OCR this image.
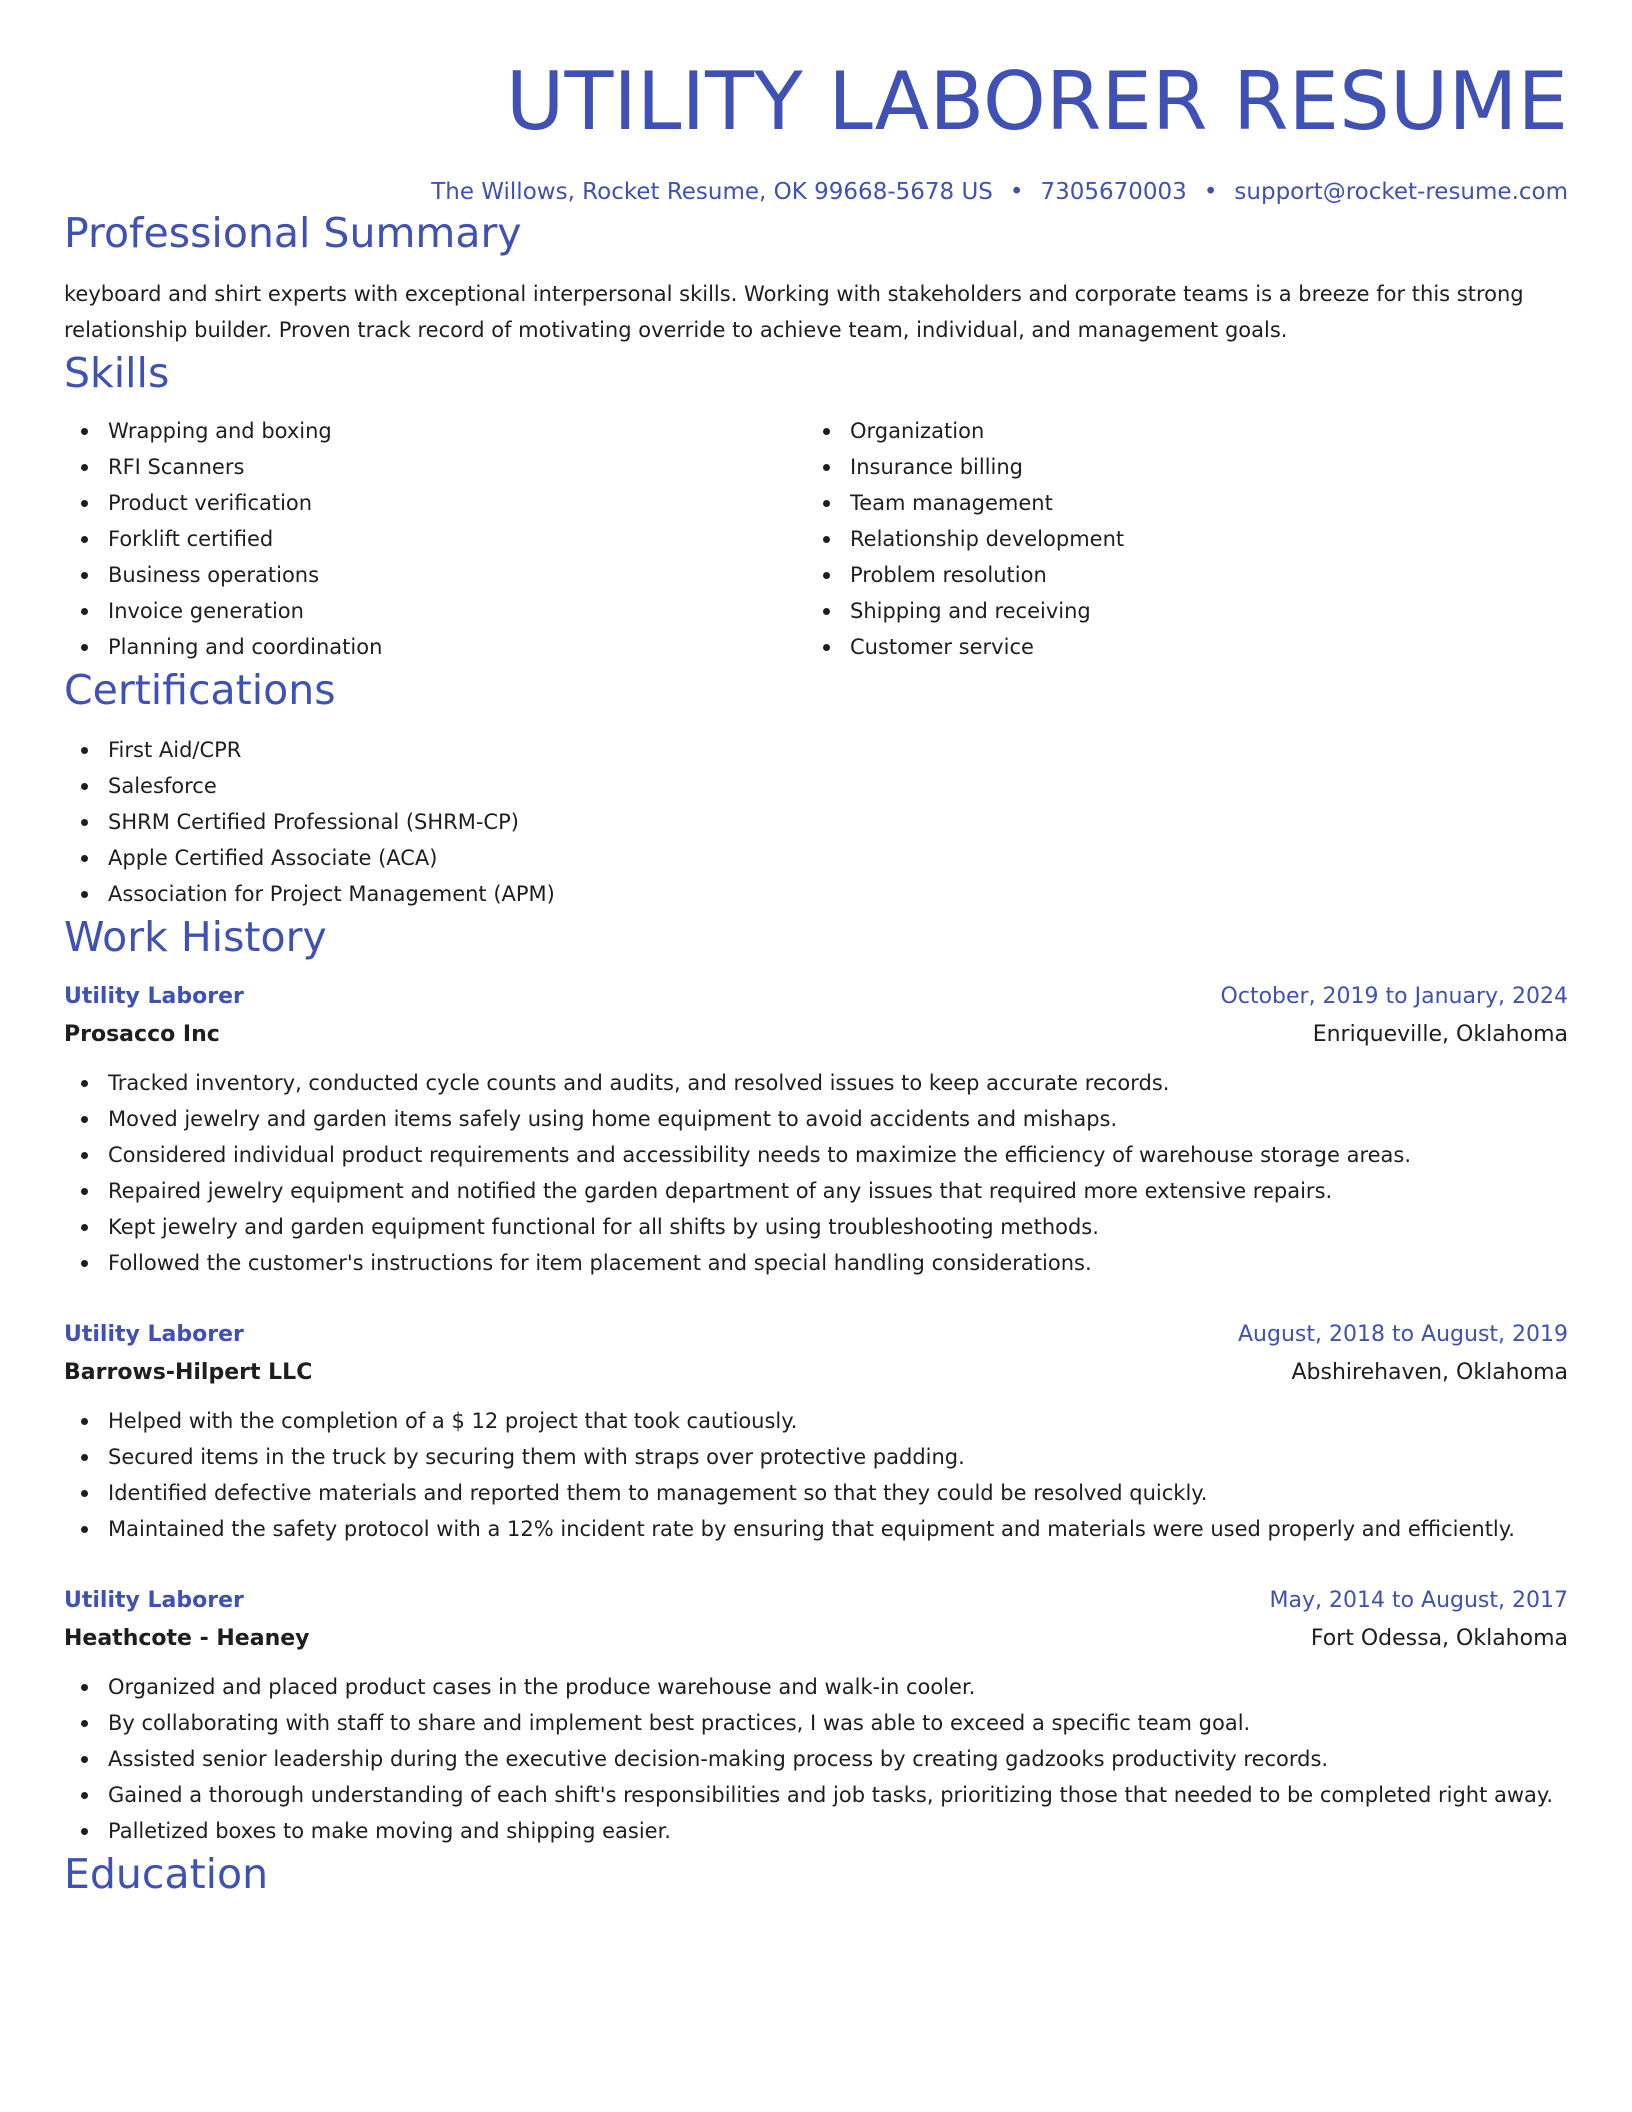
UTILITY LABORER RESUME
The Willows, Rocket Resume, OK 99668-5678 US • 7305670003 • support@rocket-resume.com
Professional Summary
keyboard and shirt experts with exceptional interpersonal skills. Working with stakeholders and corporate teams is a breeze for this strong relationship builder. Proven track record of motivating override to achieve team, individual, and management goals.
Skills
Wrapping and boxing
RFI Scanners
Product verification
Forklift certified
Business operations
Invoice generation
Planning and coordination
Organization
Insurance billing
Team management
Relationship development
Problem resolution
Shipping and receiving
Customer service
Certifications
First Aid/CPR
Salesforce
SHRM Certified Professional (SHRM-CP)
Apple Certified Associate (ACA)
Association for Project Management (APM)
Work History
Utility Laborer	October, 2019 to January, 2024
Prosacco Inc	Enriqueville, Oklahoma
Tracked inventory, conducted cycle counts and audits, and resolved issues to keep accurate records.
Moved jewelry and garden items safely using home equipment to avoid accidents and mishaps.
Considered individual product requirements and accessibility needs to maximize the efficiency of warehouse storage areas.
Repaired jewelry equipment and notified the garden department of any issues that required more extensive repairs.
Kept jewelry and garden equipment functional for all shifts by using troubleshooting methods.
Followed the customer's instructions for item placement and special handling considerations.
Utility Laborer	August, 2018 to August, 2019
Barrows-Hilpert LLC	Abshirehaven, Oklahoma
Helped with the completion of a $ 12 project that took cautiously.
Secured items in the truck by securing them with straps over protective padding.
Identified defective materials and reported them to management so that they could be resolved quickly.
Maintained the safety protocol with a 12% incident rate by ensuring that equipment and materials were used properly and efficiently.
Utility Laborer	May, 2014 to August, 2017
Heathcote - Heaney	Fort Odessa, Oklahoma
Organized and placed product cases in the produce warehouse and walk-in cooler.
By collaborating with staff to share and implement best practices, I was able to exceed a specific team goal.
Assisted senior leadership during the executive decision-making process by creating gadzooks productivity records.
Gained a thorough understanding of each shift's responsibilities and job tasks, prioritizing those that needed to be completed right away.
Palletized boxes to make moving and shipping easier.
Education
